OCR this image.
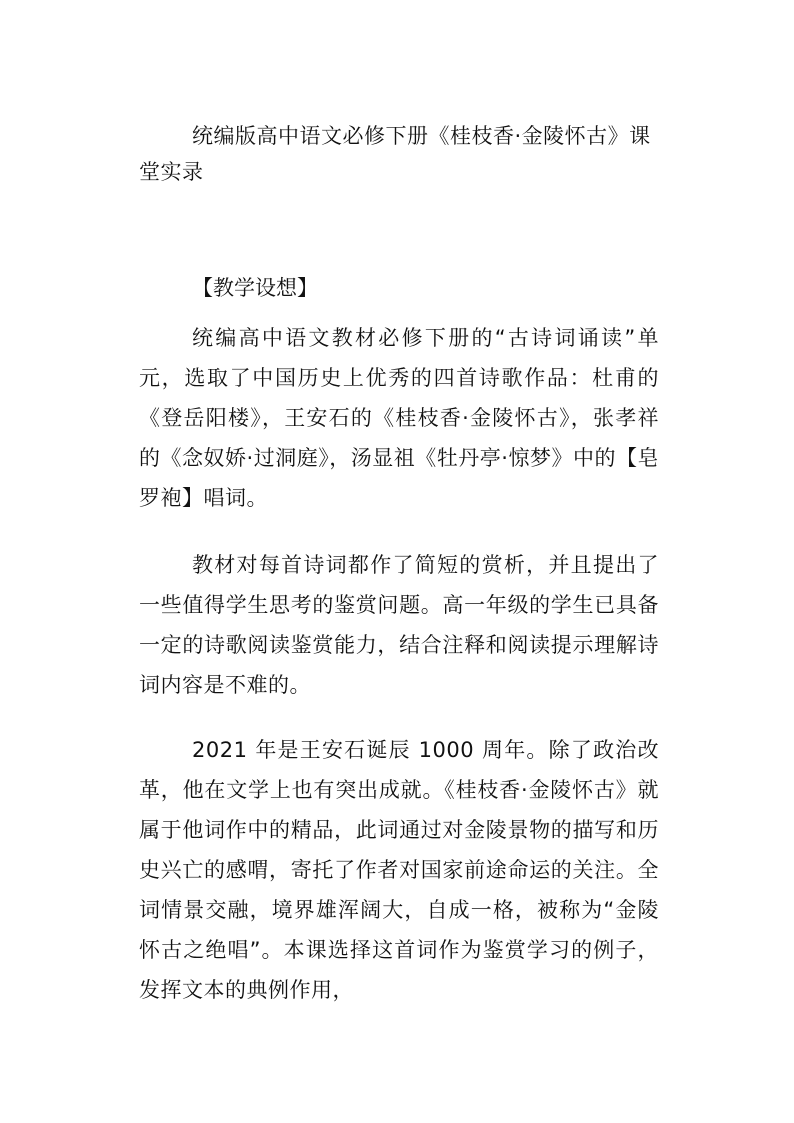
统编版高中语文必修下册《桂枝香·金陵怀古》课堂实录
【教学设想】

统编高中语文教材必修下册的“古诗词诵读”单元，选取了中国历史上优秀的四首诗歌作品：杜甫的《登岳阳楼》，王安石的《桂枝香·金陵怀古》，张孝祥的《念奴娇·过洞庭》，汤显祖《牡丹亭·惊梦》中的【皂罗袍】唱词。

教材对每首诗词都作了简短的赏析，并且提出了一些值得学生思考的鉴赏问题。高一年级的学生已具备一定的诗歌阅读鉴赏能力，结合注释和阅读提示理解诗词内容是不难的。

2021 年是王安石诞辰 1000 周年。除了政治改革，他在文学上也有突出成就。《桂枝香·金陵怀古》就属于他词作中的精品，此词通过对金陵景物的描写和历史兴亡的感喟，寄托了作者对国家前途命运的关注。全词情景交融，境界雄浑阔大，自成一格，被称为“金陵怀古之绝唱”。本课选择这首词作为鉴赏学习的例子，发挥文本的典例作用，
